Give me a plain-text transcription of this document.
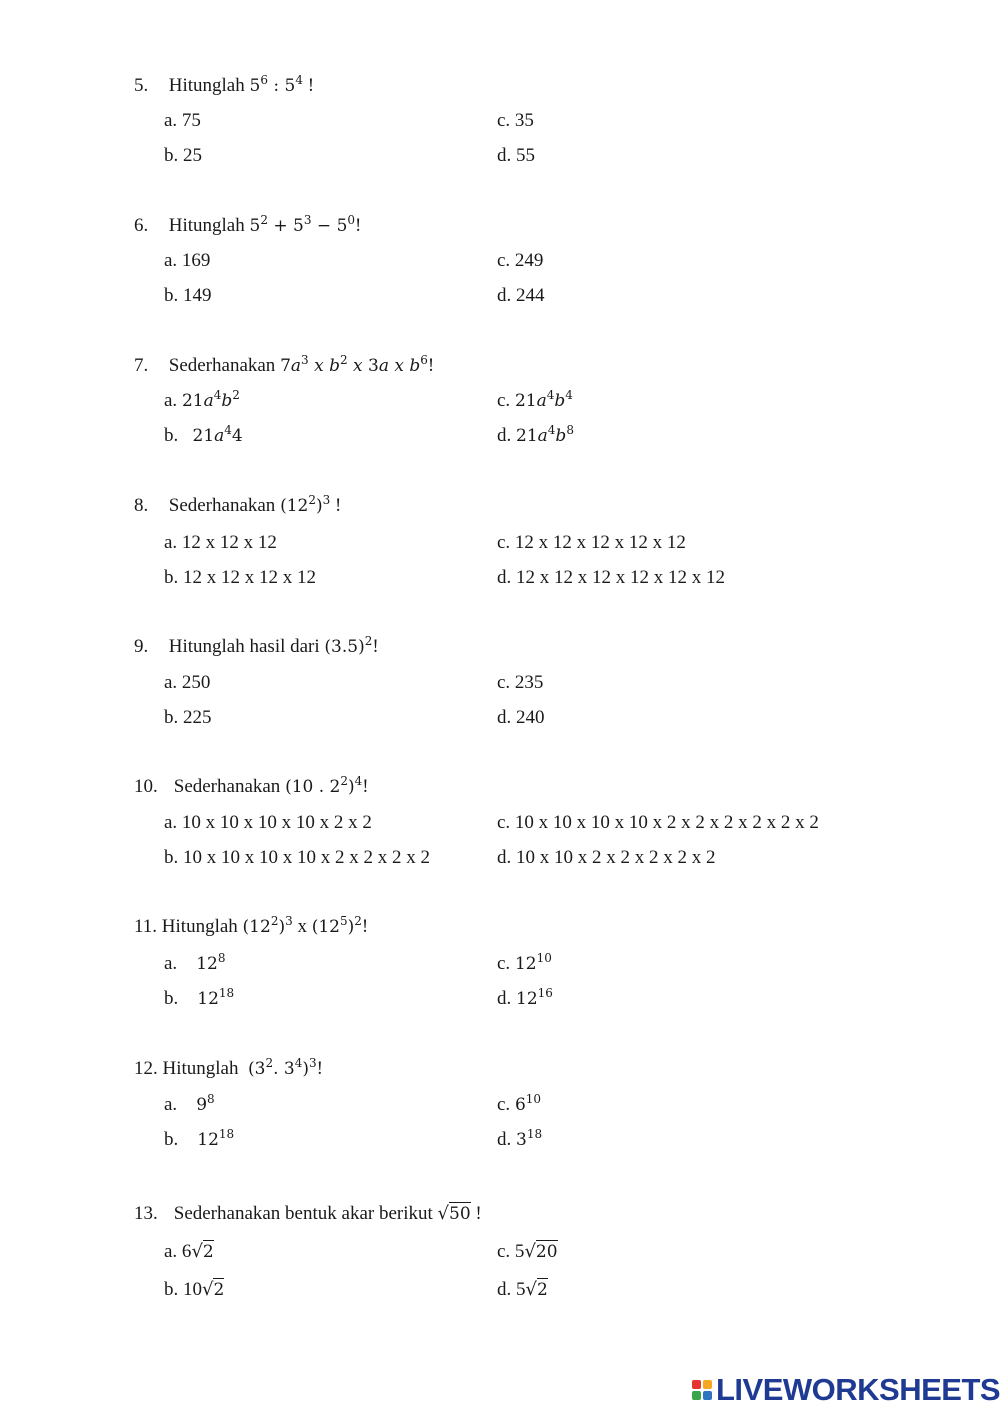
5. Hitunglah $5^6$ : $5^4$ !
a. 75	c. 35
b. 25	d. 55
6. Hitunglah $5^2 + 5^3 - 5^0$!
a. 169	c. 249
b. 149	d. 244
7. Sederhanakan $7a^3$ x $b^2$ x 3a x $b^6$!
a. $21a^4b^2$	c. $21a^4b^4$
b. $21a^44$	d. $21a^4b^8$
8. Sederhanakan $(12^2)^3$ !
a. 12 x 12 x 12	c. 12 x 12 x 12 x 12 x 12
b. 12 x 12 x 12 x 12	d. 12 x 12 x 12 x 12 x 12 x 12
9. Hitunglah hasil dari $(3.5)^2$!
a. 250	c. 235
b. 225	d. 240
10. Sederhanakan (10 . $2^2)^4$!
a. 10 x 10 x 10 x 10 x 2 x 2	c. 10 x 10 x 10 x 10 x 2 x 2 x 2 x 2 x 2 x 2
b. 10 x 10 x 10 x 10 x 2 x 2 x 2 x 2	d. 10 x 10 x 2 x 2 x 2 x 2 x 2
11. Hitunglah $(12^2)^3$ x $(12^5)^2$!
a. $12^8$	c. $12^{10}$
b. $12^{18}$	d. $12^{16}$
12. Hitunglah ($3^2$. $3^4)^3$!
a. $9^8$	c. $6^{10}$
b. $12^{18}$	d. $3^{18}$
13. Sederhanakan bentuk akar berikut √50 !
a. 6√2	c. 5√20
b. 10√2	d. 5√2
LIVEWORKSHEETS
